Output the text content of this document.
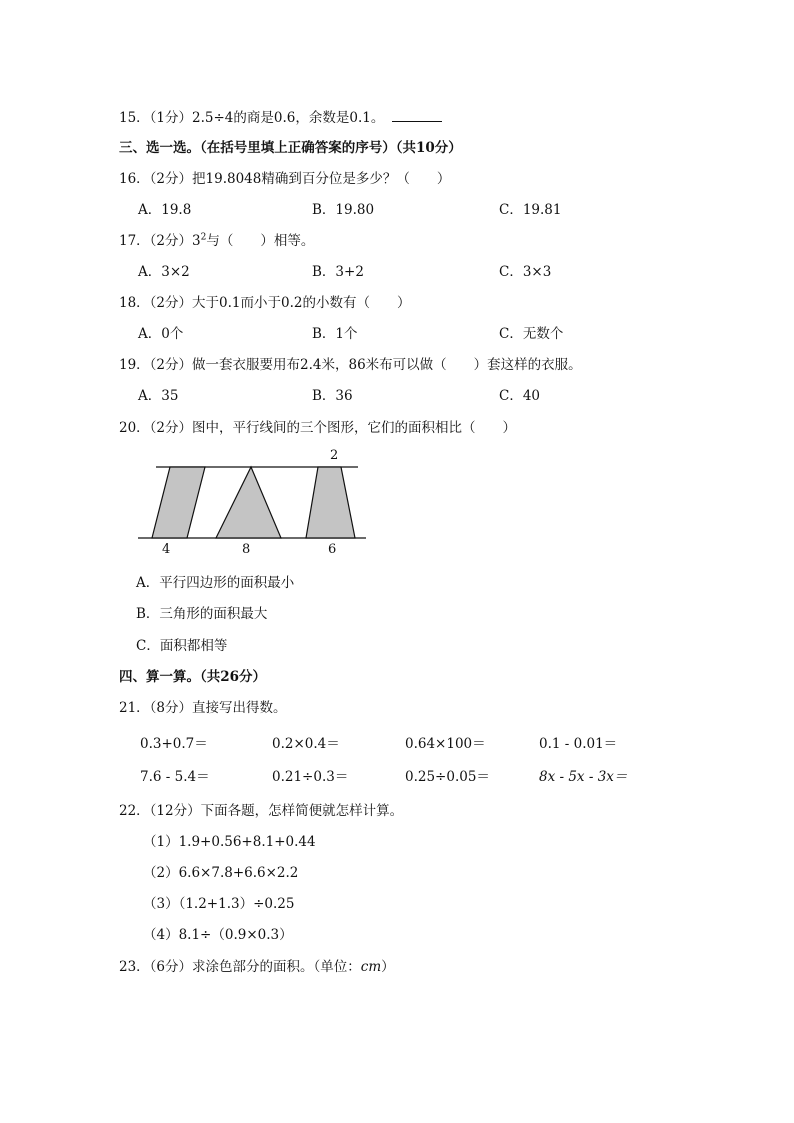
15．（1分）2.5÷4的商是0.6，余数是0.1。
三、选一选。（在括号里填上正确答案的序号）（共10分）
16．（2分）把19.8048精确到百分位是多少？（　　）
A．19.8	B．19.80	C．19.81
17．（2分）$3^2$与（　　）相等。
A．3×2	B．3+2	C．3×3
18．（2分）大于0.1而小于0.2的小数有（　　）
A．0个	B．1个	C．无数个
19．（2分）做一套衣服要用布2.4米，86米布可以做（　　）套这样的衣服。
A．35	B．36	C．40
20．（2分）图中，平行线间的三个图形，它们的面积相比（　　）
2
4	8	6
A．平行四边形的面积最小
B．三角形的面积最大
C．面积都相等
四、算一算。（共26分）
21．（8分）直接写出得数。
0.3+0.7＝	0.2×0.4＝	0.64×100＝	0.1 - 0.01＝
7.6 - 5.4＝	0.21÷0.3＝	0.25÷0.05＝	8x - 5x - 3x＝
22．（12分）下面各题，怎样简便就怎样计算。
（1）1.9+0.56+8.1+0.44
（2）6.6×7.8+6.6×2.2
（3）（1.2+1.3）÷0.25
（4）8.1÷（0.9×0.3）
23．（6分）求涂色部分的面积。（单位：cm）
